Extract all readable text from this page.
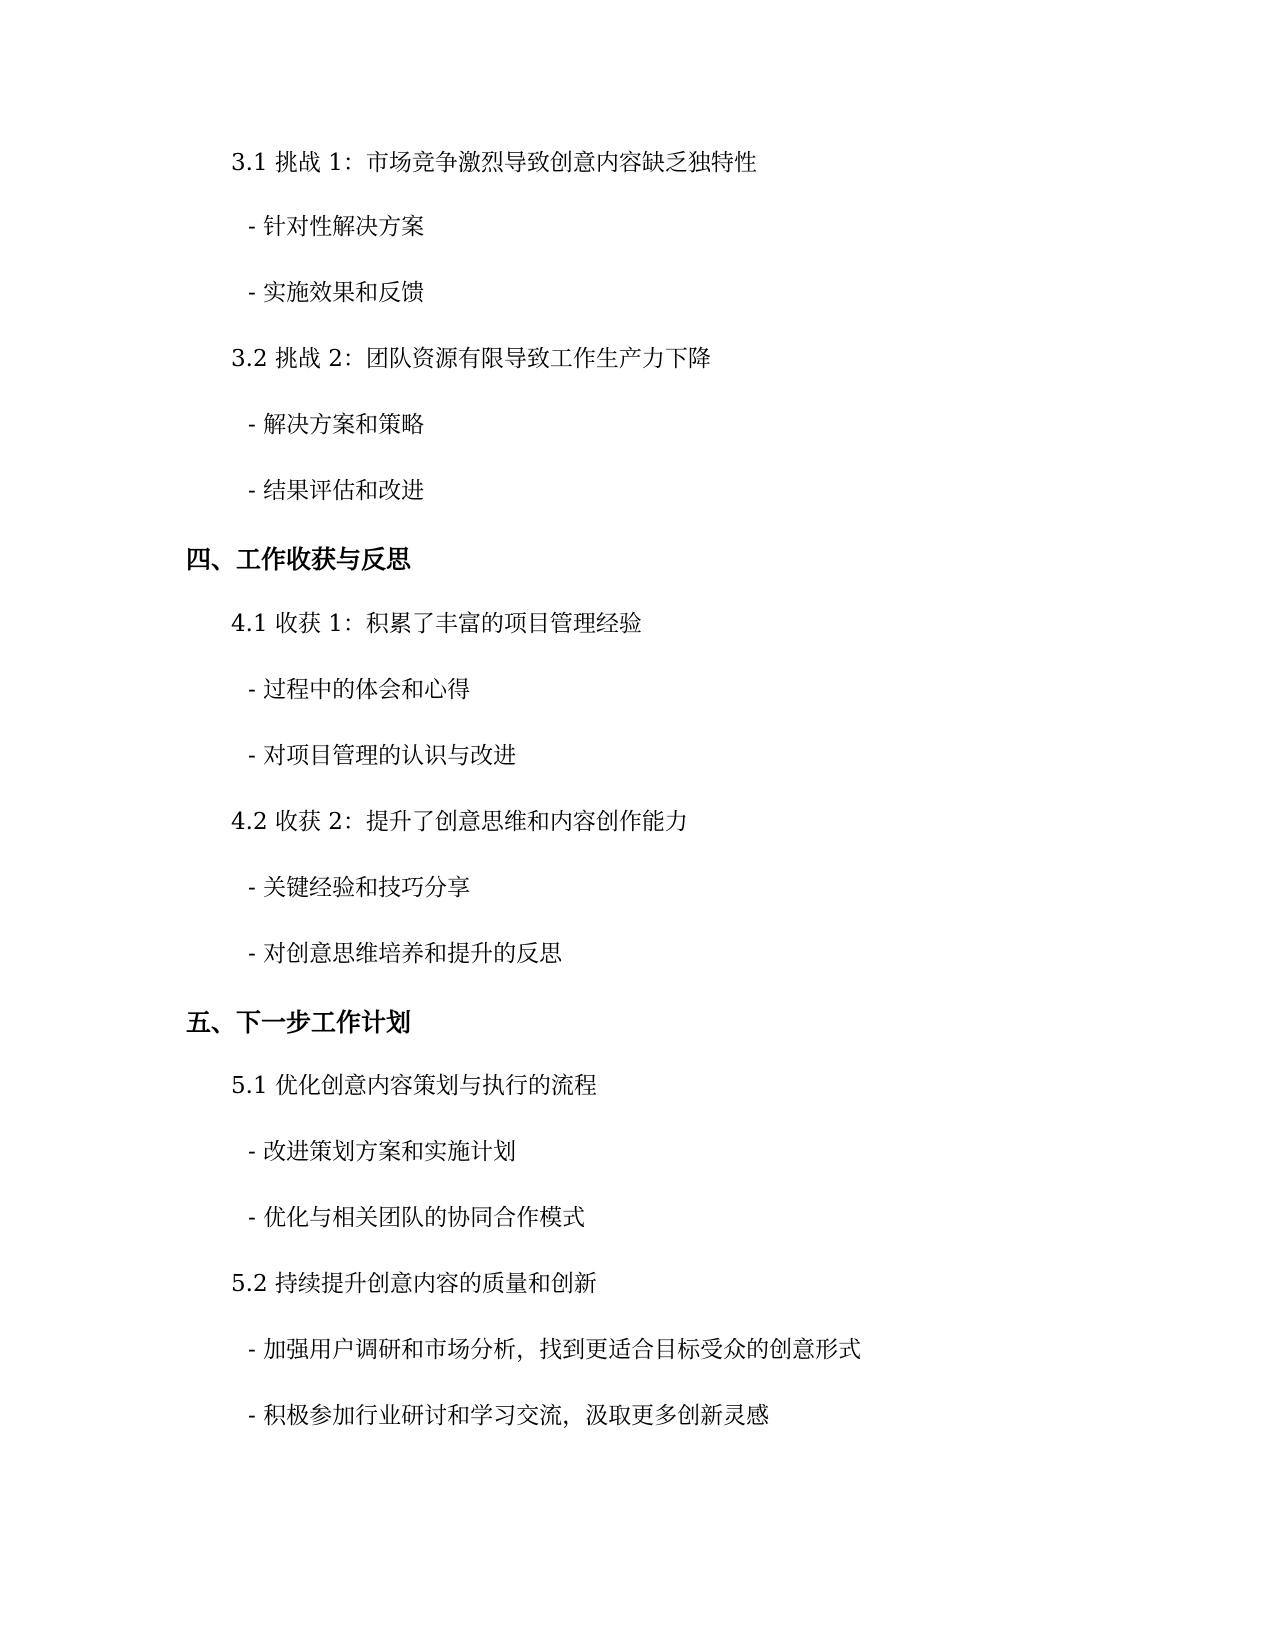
3.1 挑战 1：市场竞争激烈导致创意内容缺乏独特性
- 针对性解决方案
- 实施效果和反馈
3.2 挑战 2：团队资源有限导致工作生产力下降
- 解决方案和策略
- 结果评估和改进
四、工作收获与反思
4.1 收获 1：积累了丰富的项目管理经验
- 过程中的体会和心得
- 对项目管理的认识与改进
4.2 收获 2：提升了创意思维和内容创作能力
- 关键经验和技巧分享
- 对创意思维培养和提升的反思
五、下一步工作计划
5.1 优化创意内容策划与执行的流程
- 改进策划方案和实施计划
- 优化与相关团队的协同合作模式
5.2 持续提升创意内容的质量和创新
- 加强用户调研和市场分析，找到更适合目标受众的创意形式
- 积极参加行业研讨和学习交流，汲取更多创新灵感
